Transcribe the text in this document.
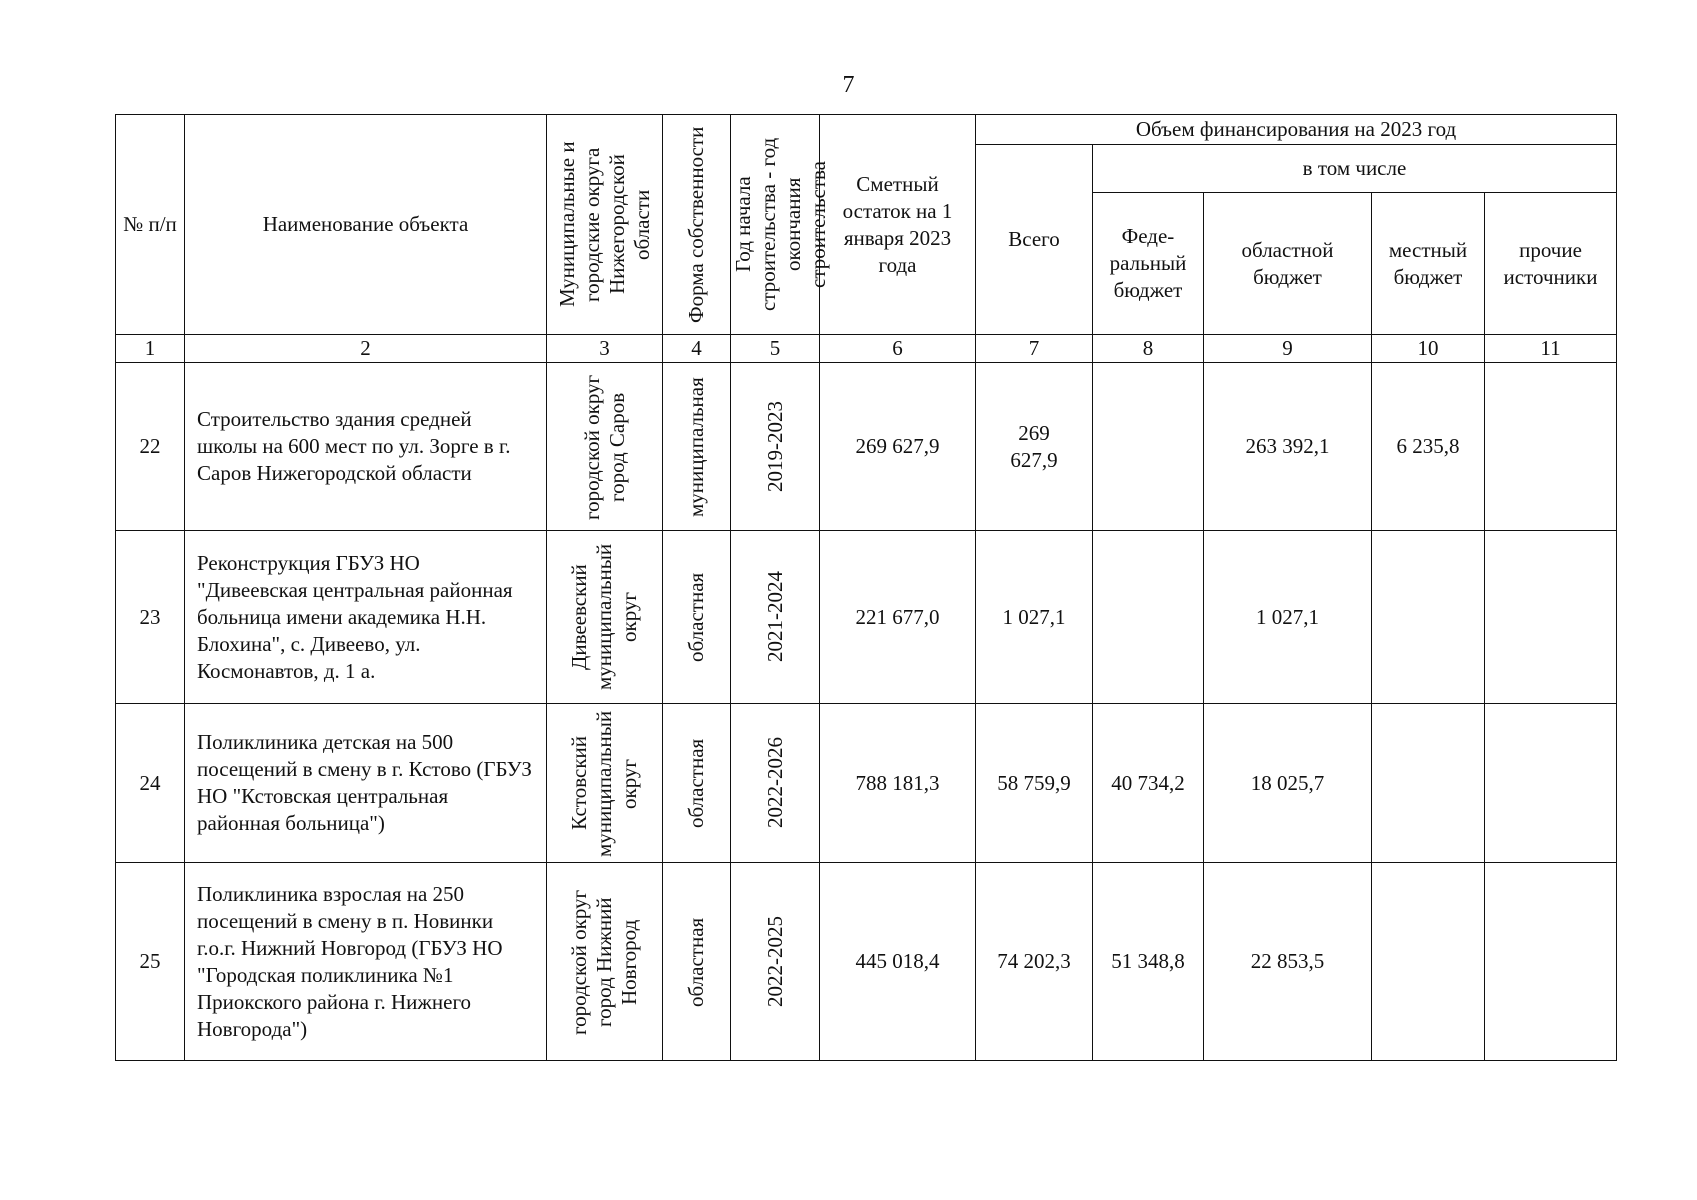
7
№ п/п	Наименование объекта	Муниципальные и городские округа Нижегородской области	Форма собственности	Год начала строительства - год окончания строительства	Сметный остаток на 1 января 2023 года	Объем финансирования на 2023 год				
						Всего	в том числе			
							Феде-ральный бюджет	областной бюджет	местный бюджет	прочие источники
1	2	3	4	5	6	7	8	9	10	11
22	Строительство здания средней школы на 600 мест по ул. Зорге в г. Саров Нижегородской области	городской округ город Саров	муниципальная	2019-2023	269 627,9	269 627,9		263 392,1	6 235,8	
23	Реконструкция ГБУЗ НО "Дивеевская центральная районная больница имени академика Н.Н. Блохина", с. Дивеево, ул. Космонавтов, д. 1 а.	Дивеевский муниципальный округ	областная	2021-2024	221 677,0	1 027,1		1 027,1		
24	Поликлиника детская на 500 посещений в смену в г. Кстово (ГБУЗ НО "Кстовская центральная районная больница")	Кстовский муниципальный округ	областная	2022-2026	788 181,3	58 759,9	40 734,2	18 025,7		
25	Поликлиника взрослая на 250 посещений в смену в п. Новинки г.о.г. Нижний Новгород (ГБУЗ НО "Городская поликлиника №1 Приокского района г. Нижнего Новгорода")	городской округ город Нижний Новгород	областная	2022-2025	445 018,4	74 202,3	51 348,8	22 853,5		
